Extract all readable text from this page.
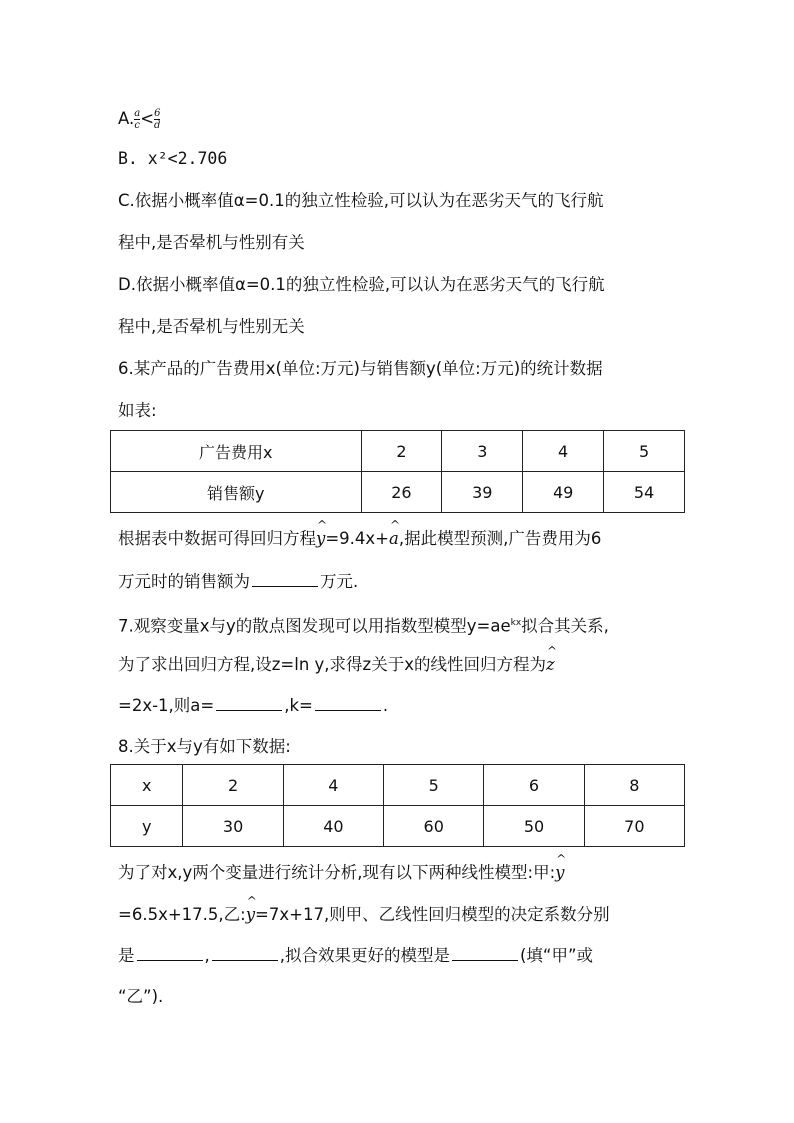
A. $\frac{a}{c} < \frac{6}{d}$
B. x²<2.706
C.依据小概率值α=0.1的独立性检验,可以认为在恶劣天气的飞行航
程中,是否晕机与性别有关
D.依据小概率值α=0.1的独立性检验,可以认为在恶劣天气的飞行航
程中,是否晕机与性别无关
6.某产品的广告费用x(单位:万元)与销售额y(单位:万元)的统计数据
如表:
广告费用x	2	3	4	5
销售额y	26	39	49	54
根据表中数据可得回归方程^ y=9.4x+^ a,据此模型预测,广告费用为6
万元时的销售额为	万元.
7.观察变量x与y的散点图发现可以用指数型模型$y=ae^{kx}$拟合其关系,
为了求出回归方程,设z=ln y,求得z关于x的线性回归方程为^ z
=2x-1,则a=	,k=	.
8.关于x与y有如下数据:
x	2	4	5	6	8
y	30	40	60	50	70
为了对x,y两个变量进行统计分析,现有以下两种线性模型:甲:^ y
=6.5x+17.5,乙:^ y=7x+17,则甲、乙线性回归模型的决定系数分别
是	,	,拟合效果更好的模型是	(填“甲”或
“乙”).
